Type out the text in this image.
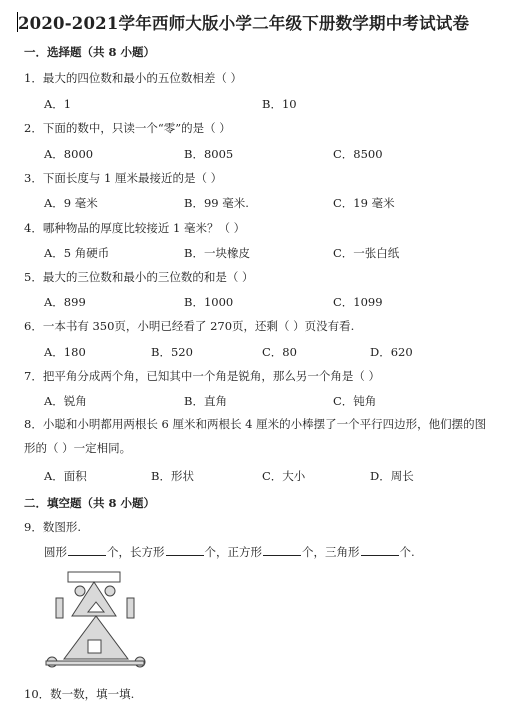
2020-2021学年西师大版小学二年级下册数学期中考试试卷
一．选择题（共 8 小题）
1．最大的四位数和最小的五位数相差（ ）
A．1	B．10
2．下面的数中，只读一个“零”的是（ ）
A．8000	B．8005	C．8500
3．下面长度与 1 厘米最接近的是（ ）
A．9 毫米	B．99 毫米.	C．19 毫米
4．哪种物品的厚度比较接近 1 毫米？（ ）
A．5 角硬币	B．一块橡皮	C．一张白纸
5．最大的三位数和最小的三位数的和是（ ）
A．899	B．1000	C．1099
6．一本书有 350页，小明已经看了 270页，还剩（ ）页没有看.
A．180	B．520	C．80	D．620
7．把平角分成两个角，已知其中一个角是锐角，那么另一个角是（ ）
A．锐角	B．直角	C．钝角
8．小聪和小明都用两根长 6 厘米和两根长 4 厘米的小棒摆了一个平行四边形，他们摆的图形的（ ）一定相同。
A．面积	B．形状	C．大小	D．周长
二．填空题（共 8 小题）
9．数图形.
圆形	个，长方形	个，正方形	个，三角形	个.
10．数一数，填一填.
